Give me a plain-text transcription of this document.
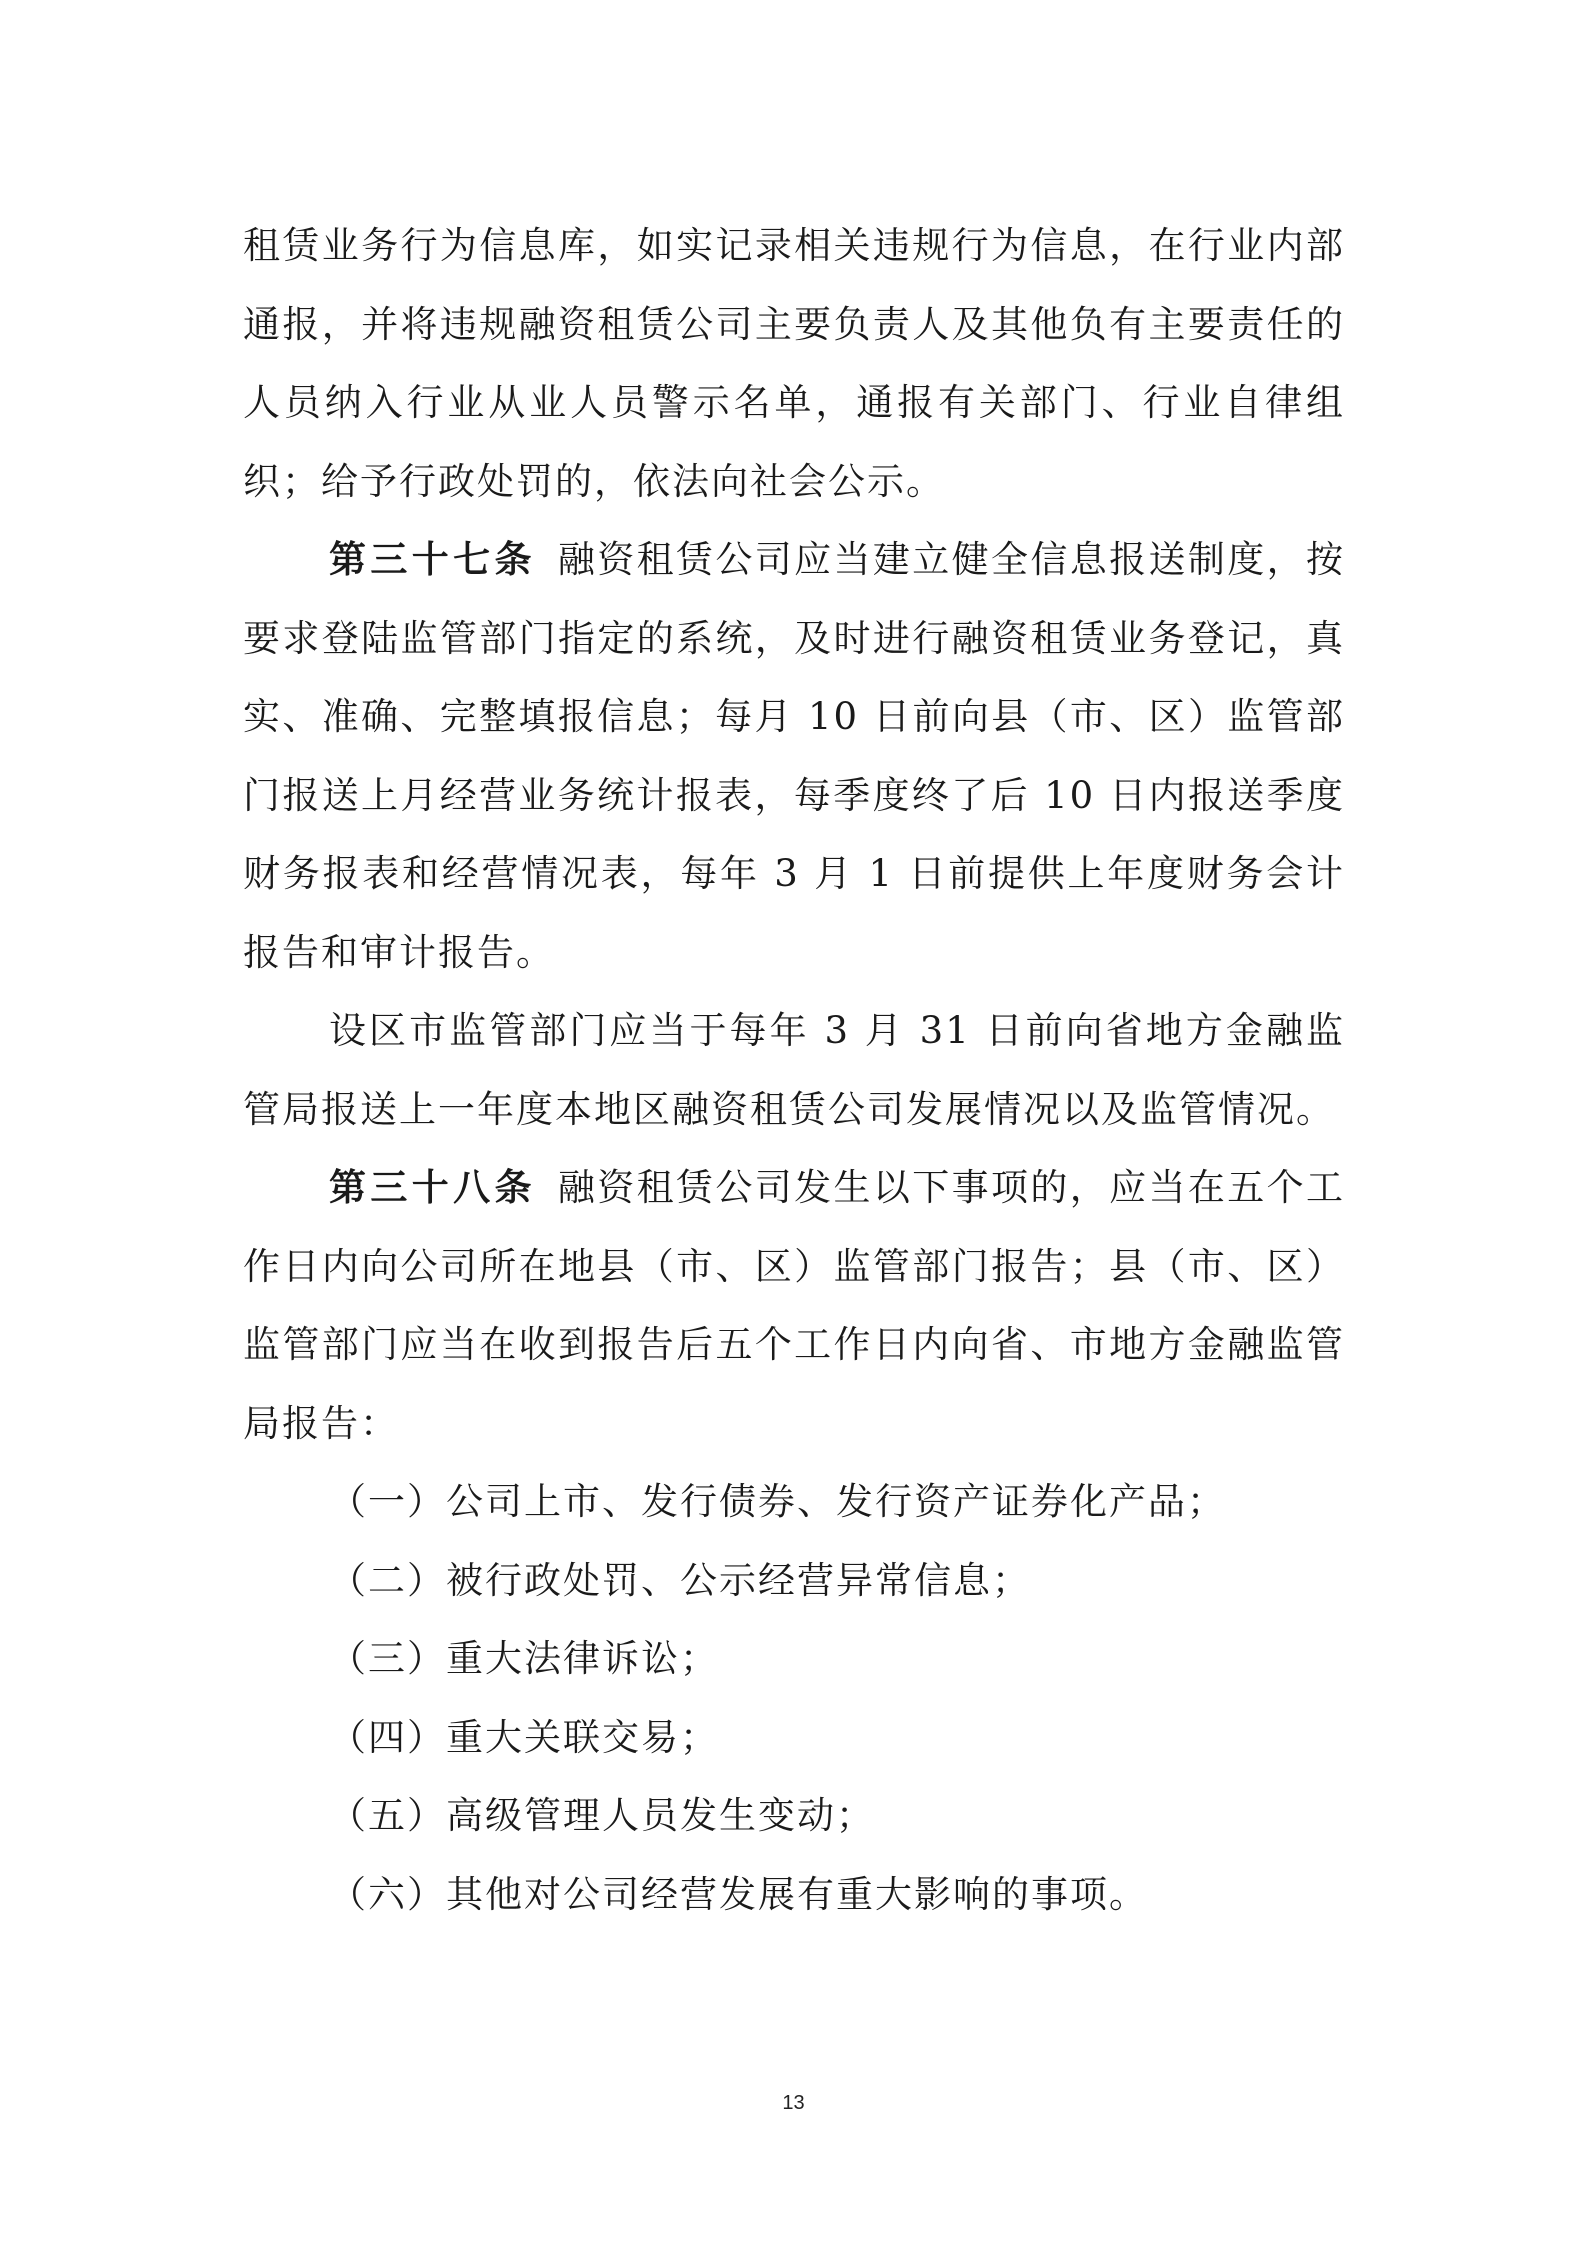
租赁业务行为信息库，如实记录相关违规行为信息，在行业内部通报，并将违规融资租赁公司主要负责人及其他负有主要责任的人员纳入行业从业人员警示名单，通报有关部门、行业自律组织；给予行政处罚的，依法向社会公示。

第三十七条 融资租赁公司应当建立健全信息报送制度，按要求登陆监管部门指定的系统，及时进行融资租赁业务登记，真实、准确、完整填报信息；每月 10 日前向县（市、区）监管部门报送上月经营业务统计报表，每季度终了后 10 日内报送季度财务报表和经营情况表，每年 3 月 1 日前提供上年度财务会计报告和审计报告。

设区市监管部门应当于每年 3 月 31 日前向省地方金融监管局报送上一年度本地区融资租赁公司发展情况以及监管情况。

第三十八条 融资租赁公司发生以下事项的，应当在五个工作日内向公司所在地县（市、区）监管部门报告；县（市、区）监管部门应当在收到报告后五个工作日内向省、市地方金融监管局报告：

（一）公司上市、发行债券、发行资产证券化产品；

（二）被行政处罚、公示经营异常信息；

（三）重大法律诉讼；

（四）重大关联交易；

（五）高级管理人员发生变动；

（六）其他对公司经营发展有重大影响的事项。

13
